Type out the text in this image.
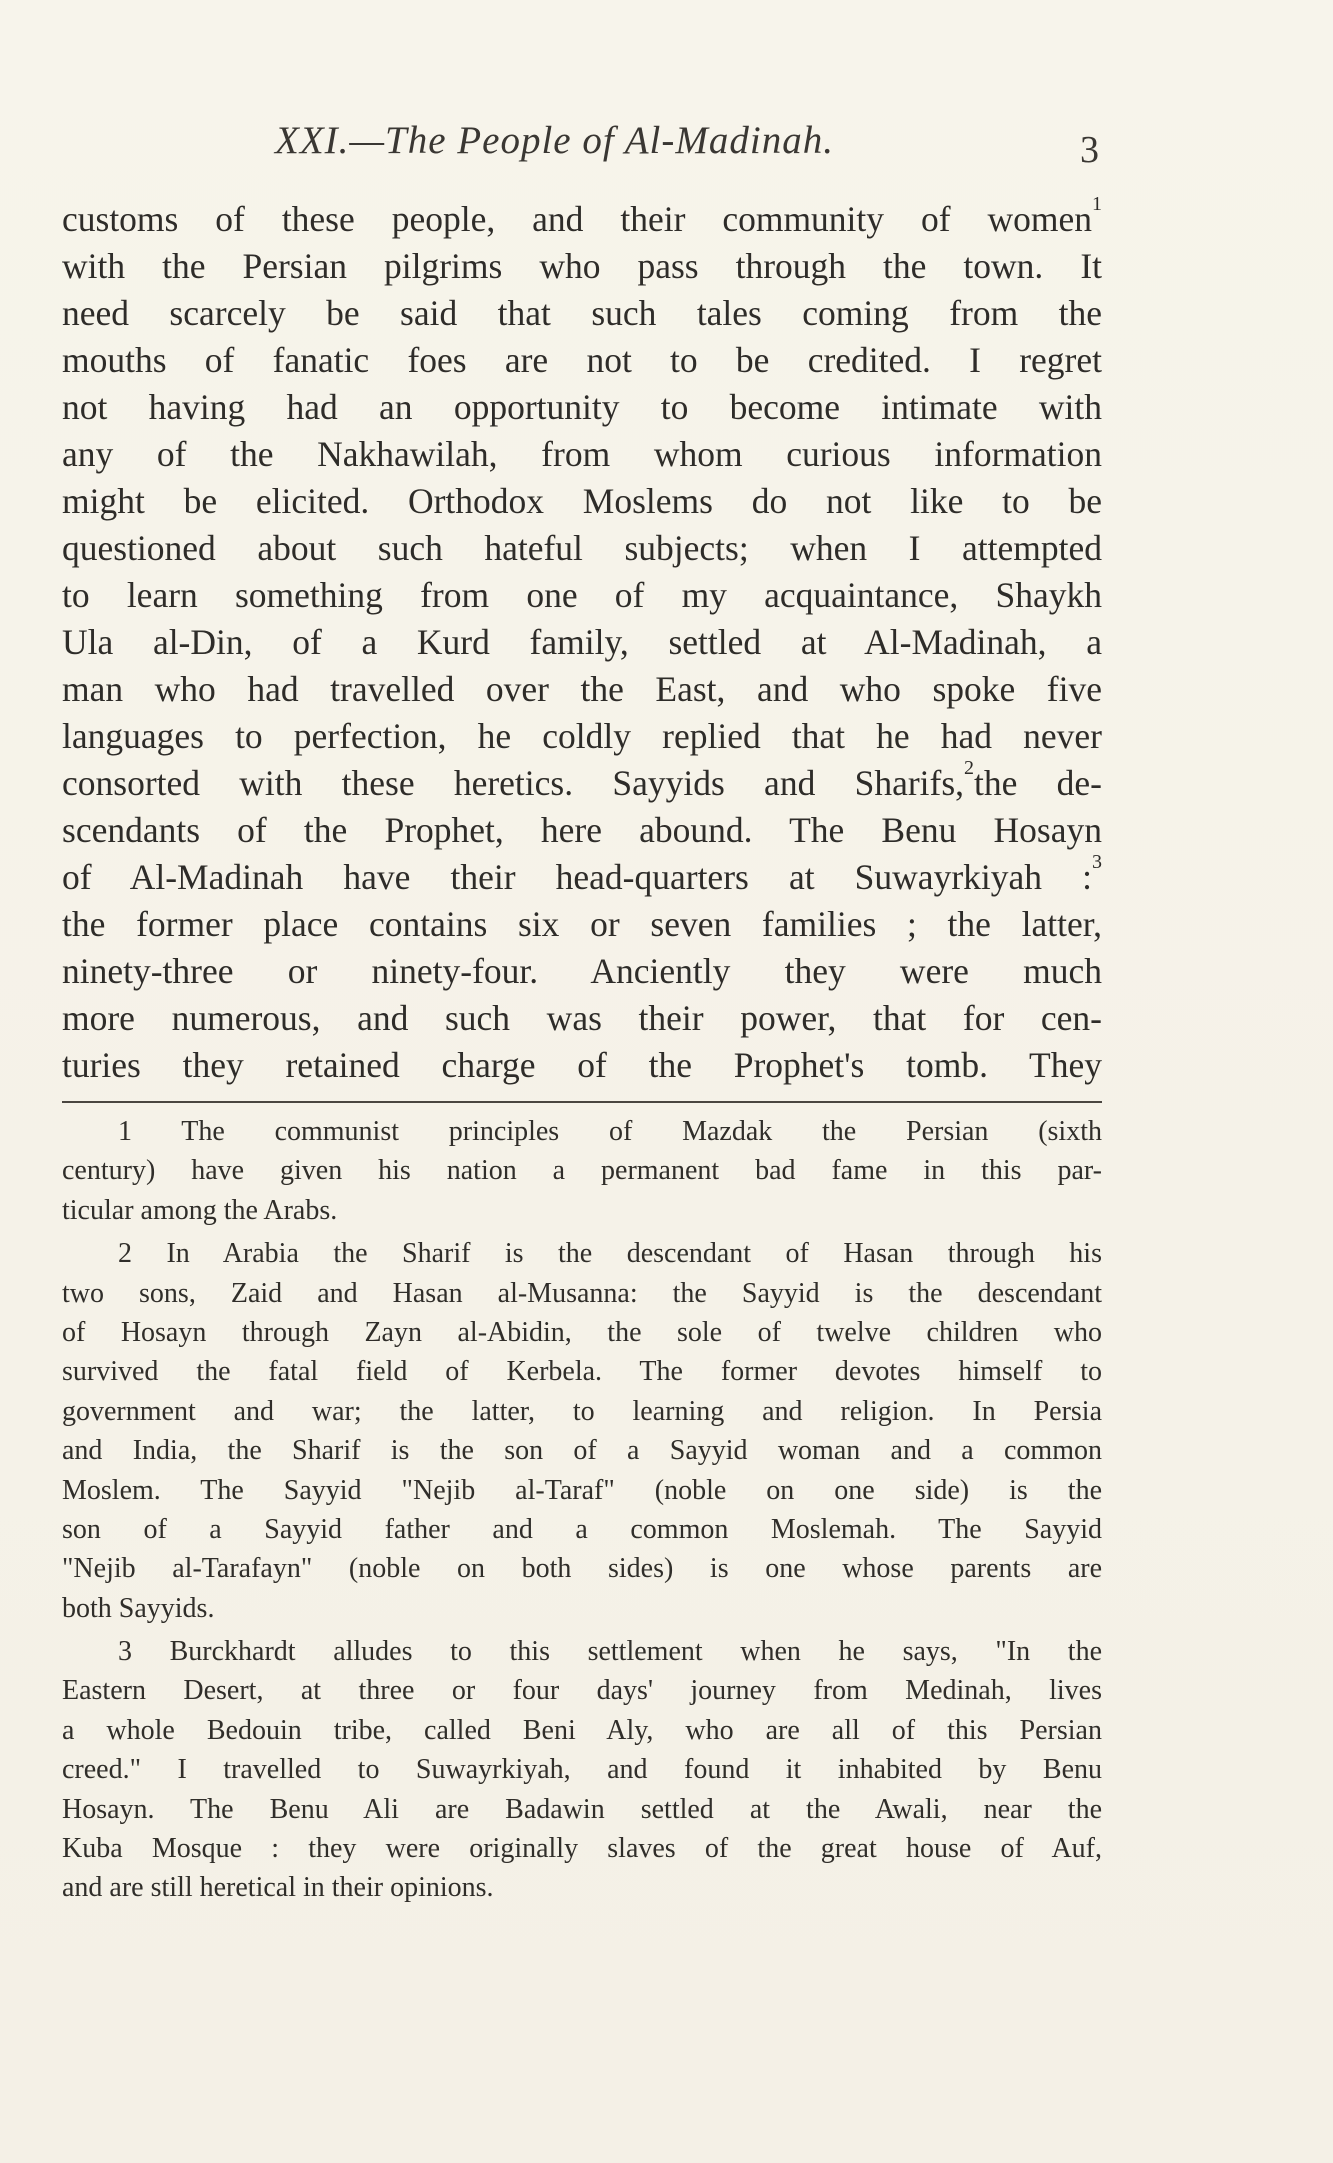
XXI.—The People of Al-Madinah.	3
customs of these people, and their community of women$^1$
with the Persian pilgrims who pass through the town. It
need scarcely be said that such tales coming from the
mouths of fanatic foes are not to be credited. I regret
not having had an opportunity to become intimate with
any of the Nakhawilah, from whom curious information
might be elicited. Orthodox Moslems do not like to be
questioned about such hateful subjects; when I attempted
to learn something from one of my acquaintance, Shaykh
Ula al-Din, of a Kurd family, settled at Al-Madinah, a
man who had travelled over the East, and who spoke five
languages to perfection, he coldly replied that he had never
consorted with these heretics. Sayyids and Sharifs,$^2$the de-
scendants of the Prophet, here abound. The Benu Hosayn
of Al-Madinah have their head-quarters at Suwayrkiyah :$^3$
the former place contains six or seven families ; the latter,
ninety-three or ninety-four. Anciently they were much
more numerous, and such was their power, that for cen-
turies they retained charge of the Prophet's tomb. They
1 The communist principles of Mazdak the Persian (sixth
century) have given his nation a permanent bad fame in this par-
ticular among the Arabs.
2 In Arabia the Sharif is the descendant of Hasan through his
two sons, Zaid and Hasan al-Musanna: the Sayyid is the descendant
of Hosayn through Zayn al-Abidin, the sole of twelve children who
survived the fatal field of Kerbela. The former devotes himself to
government and war; the latter, to learning and religion. In Persia
and India, the Sharif is the son of a Sayyid woman and a common
Moslem. The Sayyid "Nejib al-Taraf" (noble on one side) is the
son of a Sayyid father and a common Moslemah. The Sayyid
"Nejib al-Tarafayn" (noble on both sides) is one whose parents are
both Sayyids.
3 Burckhardt alludes to this settlement when he says, "In the
Eastern Desert, at three or four days' journey from Medinah, lives
a whole Bedouin tribe, called Beni Aly, who are all of this Persian
creed." I travelled to Suwayrkiyah, and found it inhabited by Benu
Hosayn. The Benu Ali are Badawin settled at the Awali, near the
Kuba Mosque : they were originally slaves of the great house of Auf,
and are still heretical in their opinions.
